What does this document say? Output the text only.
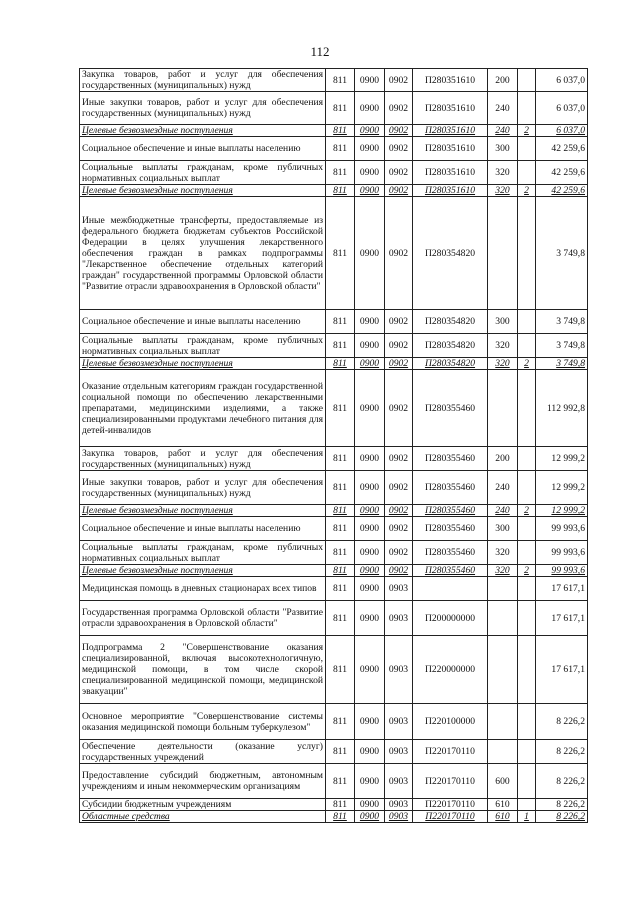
112
Закупка товаров, работ и услуг для обеспечения государственных (муниципальных) нужд	811	0900	0902	П280351610	200		6 037,0
Иные закупки товаров, работ и услуг для обеспечения государственных (муниципальных) нужд	811	0900	0902	П280351610	240		6 037,0
Целевые безвозмездные поступления	811	0900	0902	П280351610	240	2	6 037,0
Социальное обеспечение и иные выплаты населению	811	0900	0902	П280351610	300		42 259,6
Социальные выплаты гражданам, кроме публичных нормативных социальных выплат	811	0900	0902	П280351610	320		42 259,6
Целевые безвозмездные поступления	811	0900	0902	П280351610	320	2	42 259,6
Иные межбюджетные трансферты, предоставляемые из федерального бюджета бюджетам субъектов Российской Федерации в целях улучшения лекарственного обеспечения граждан в рамках подпрограммы "Лекарственное обеспечение отдельных категорий граждан" государственной программы Орловской области "Развитие отрасли здравоохранения в Орловской области"	811	0900	0902	П280354820			3 749,8
Социальное обеспечение и иные выплаты населению	811	0900	0902	П280354820	300		3 749,8
Социальные выплаты гражданам, кроме публичных нормативных социальных выплат	811	0900	0902	П280354820	320		3 749,8
Целевые безвозмездные поступления	811	0900	0902	П280354820	320	2	3 749,8
Оказание отдельным категориям граждан государственной социальной помощи по обеспечению лекарственными препаратами, медицинскими изделиями, а также специализированными продуктами лечебного питания для детей-инвалидов	811	0900	0902	П280355460			112 992,8
Закупка товаров, работ и услуг для обеспечения государственных (муниципальных) нужд	811	0900	0902	П280355460	200		12 999,2
Иные закупки товаров, работ и услуг для обеспечения государственных (муниципальных) нужд	811	0900	0902	П280355460	240		12 999,2
Целевые безвозмездные поступления	811	0900	0902	П280355460	240	2	12 999,2
Социальное обеспечение и иные выплаты населению	811	0900	0902	П280355460	300		99 993,6
Социальные выплаты гражданам, кроме публичных нормативных социальных выплат	811	0900	0902	П280355460	320		99 993,6
Целевые безвозмездные поступления	811	0900	0902	П280355460	320	2	99 993,6
Медицинская помощь в дневных стационарах всех типов	811	0900	0903				17 617,1
Государственная программа Орловской области "Развитие отрасли здравоохранения в Орловской области"	811	0900	0903	П200000000			17 617,1
Подпрограмма 2 "Совершенствование оказания специализированной, включая высокотехнологичную, медицинской помощи, в том числе скорой специализированной медицинской помощи, медицинской эвакуации"	811	0900	0903	П220000000			17 617,1
Основное мероприятие "Совершенствование системы оказания медицинской помощи больным туберкулезом"	811	0900	0903	П220100000			8 226,2
Обеспечение деятельности (оказание услуг) государственных учреждений	811	0900	0903	П220170110			8 226,2
Предоставление субсидий бюджетным, автономным учреждениям и иным некоммерческим организациям	811	0900	0903	П220170110	600		8 226,2
Субсидии бюджетным учреждениям	811	0900	0903	П220170110	610		8 226,2
Областные средства	811	0900	0903	П220170110	610	1	8 226,2
